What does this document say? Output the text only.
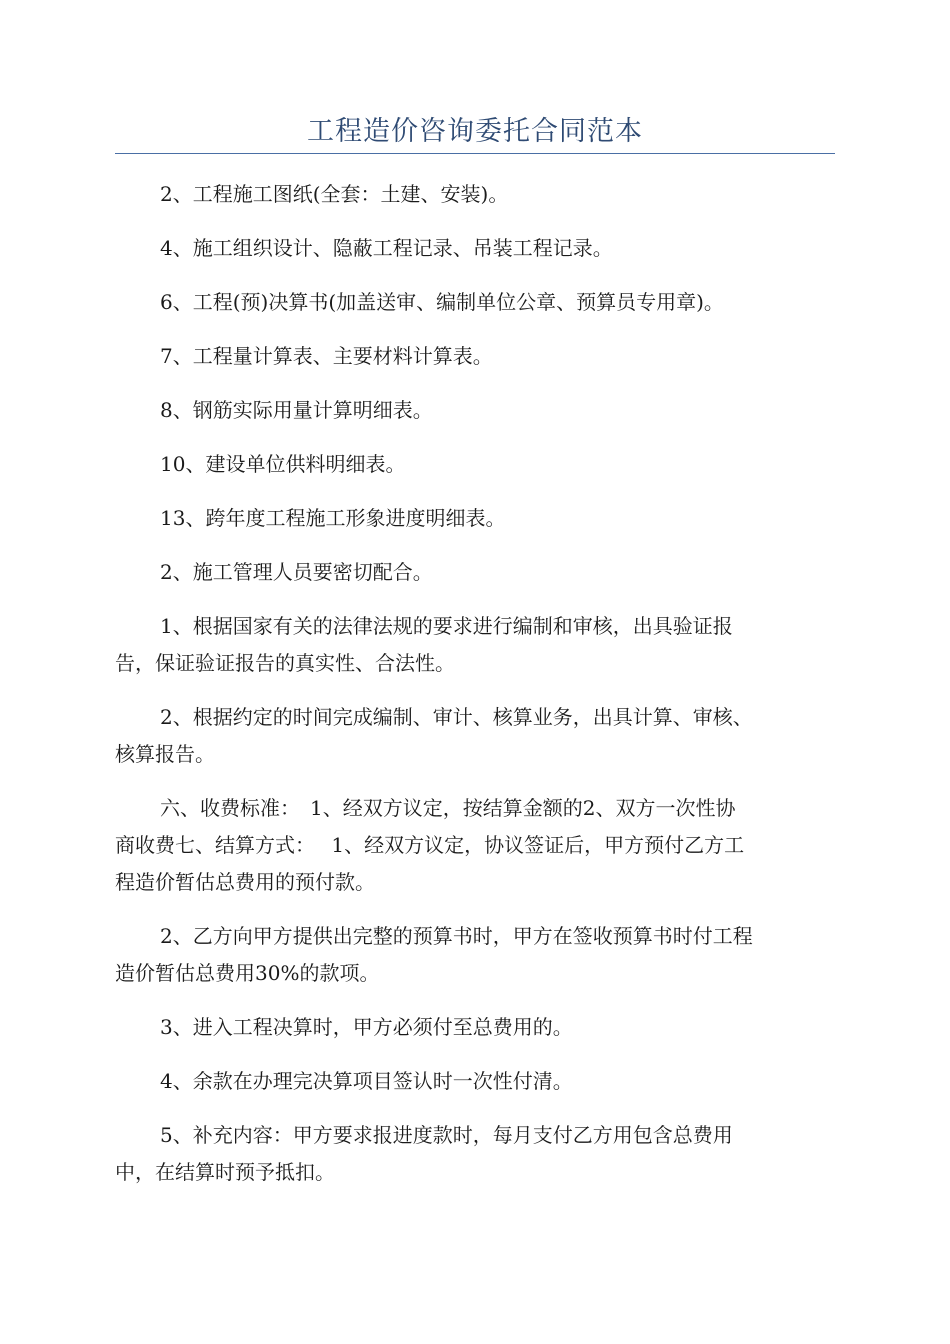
工程造价咨询委托合同范本

2、工程施工图纸(全套：土建、安装)。

4、施工组织设计、隐蔽工程记录、吊装工程记录。

6、工程(预)决算书(加盖送审、编制单位公章、预算员专用章)。

7、工程量计算表、主要材料计算表。

8、钢筋实际用量计算明细表。

10、建设单位供料明细表。

13、跨年度工程施工形象进度明细表。

2、施工管理人员要密切配合。

1、根据国家有关的法律法规的要求进行编制和审核，出具验证报
告，保证验证报告的真实性、合法性。

2、根据约定的时间完成编制、审计、核算业务，出具计算、审核、
核算报告。

六、收费标准：　1、经双方议定，按结算金额的2、双方一次性协
商收费七、结算方式：　 1、经双方议定，协议签证后，甲方预付乙方工
程造价暂估总费用的预付款。

2、乙方向甲方提供出完整的预算书时，甲方在签收预算书时付工程
造价暂估总费用30%的款项。

3、进入工程决算时，甲方必须付至总费用的。

4、余款在办理完决算项目签认时一次性付清。

5、补充内容：甲方要求报进度款时，每月支付乙方用包含总费用
中，在结算时预予抵扣。
